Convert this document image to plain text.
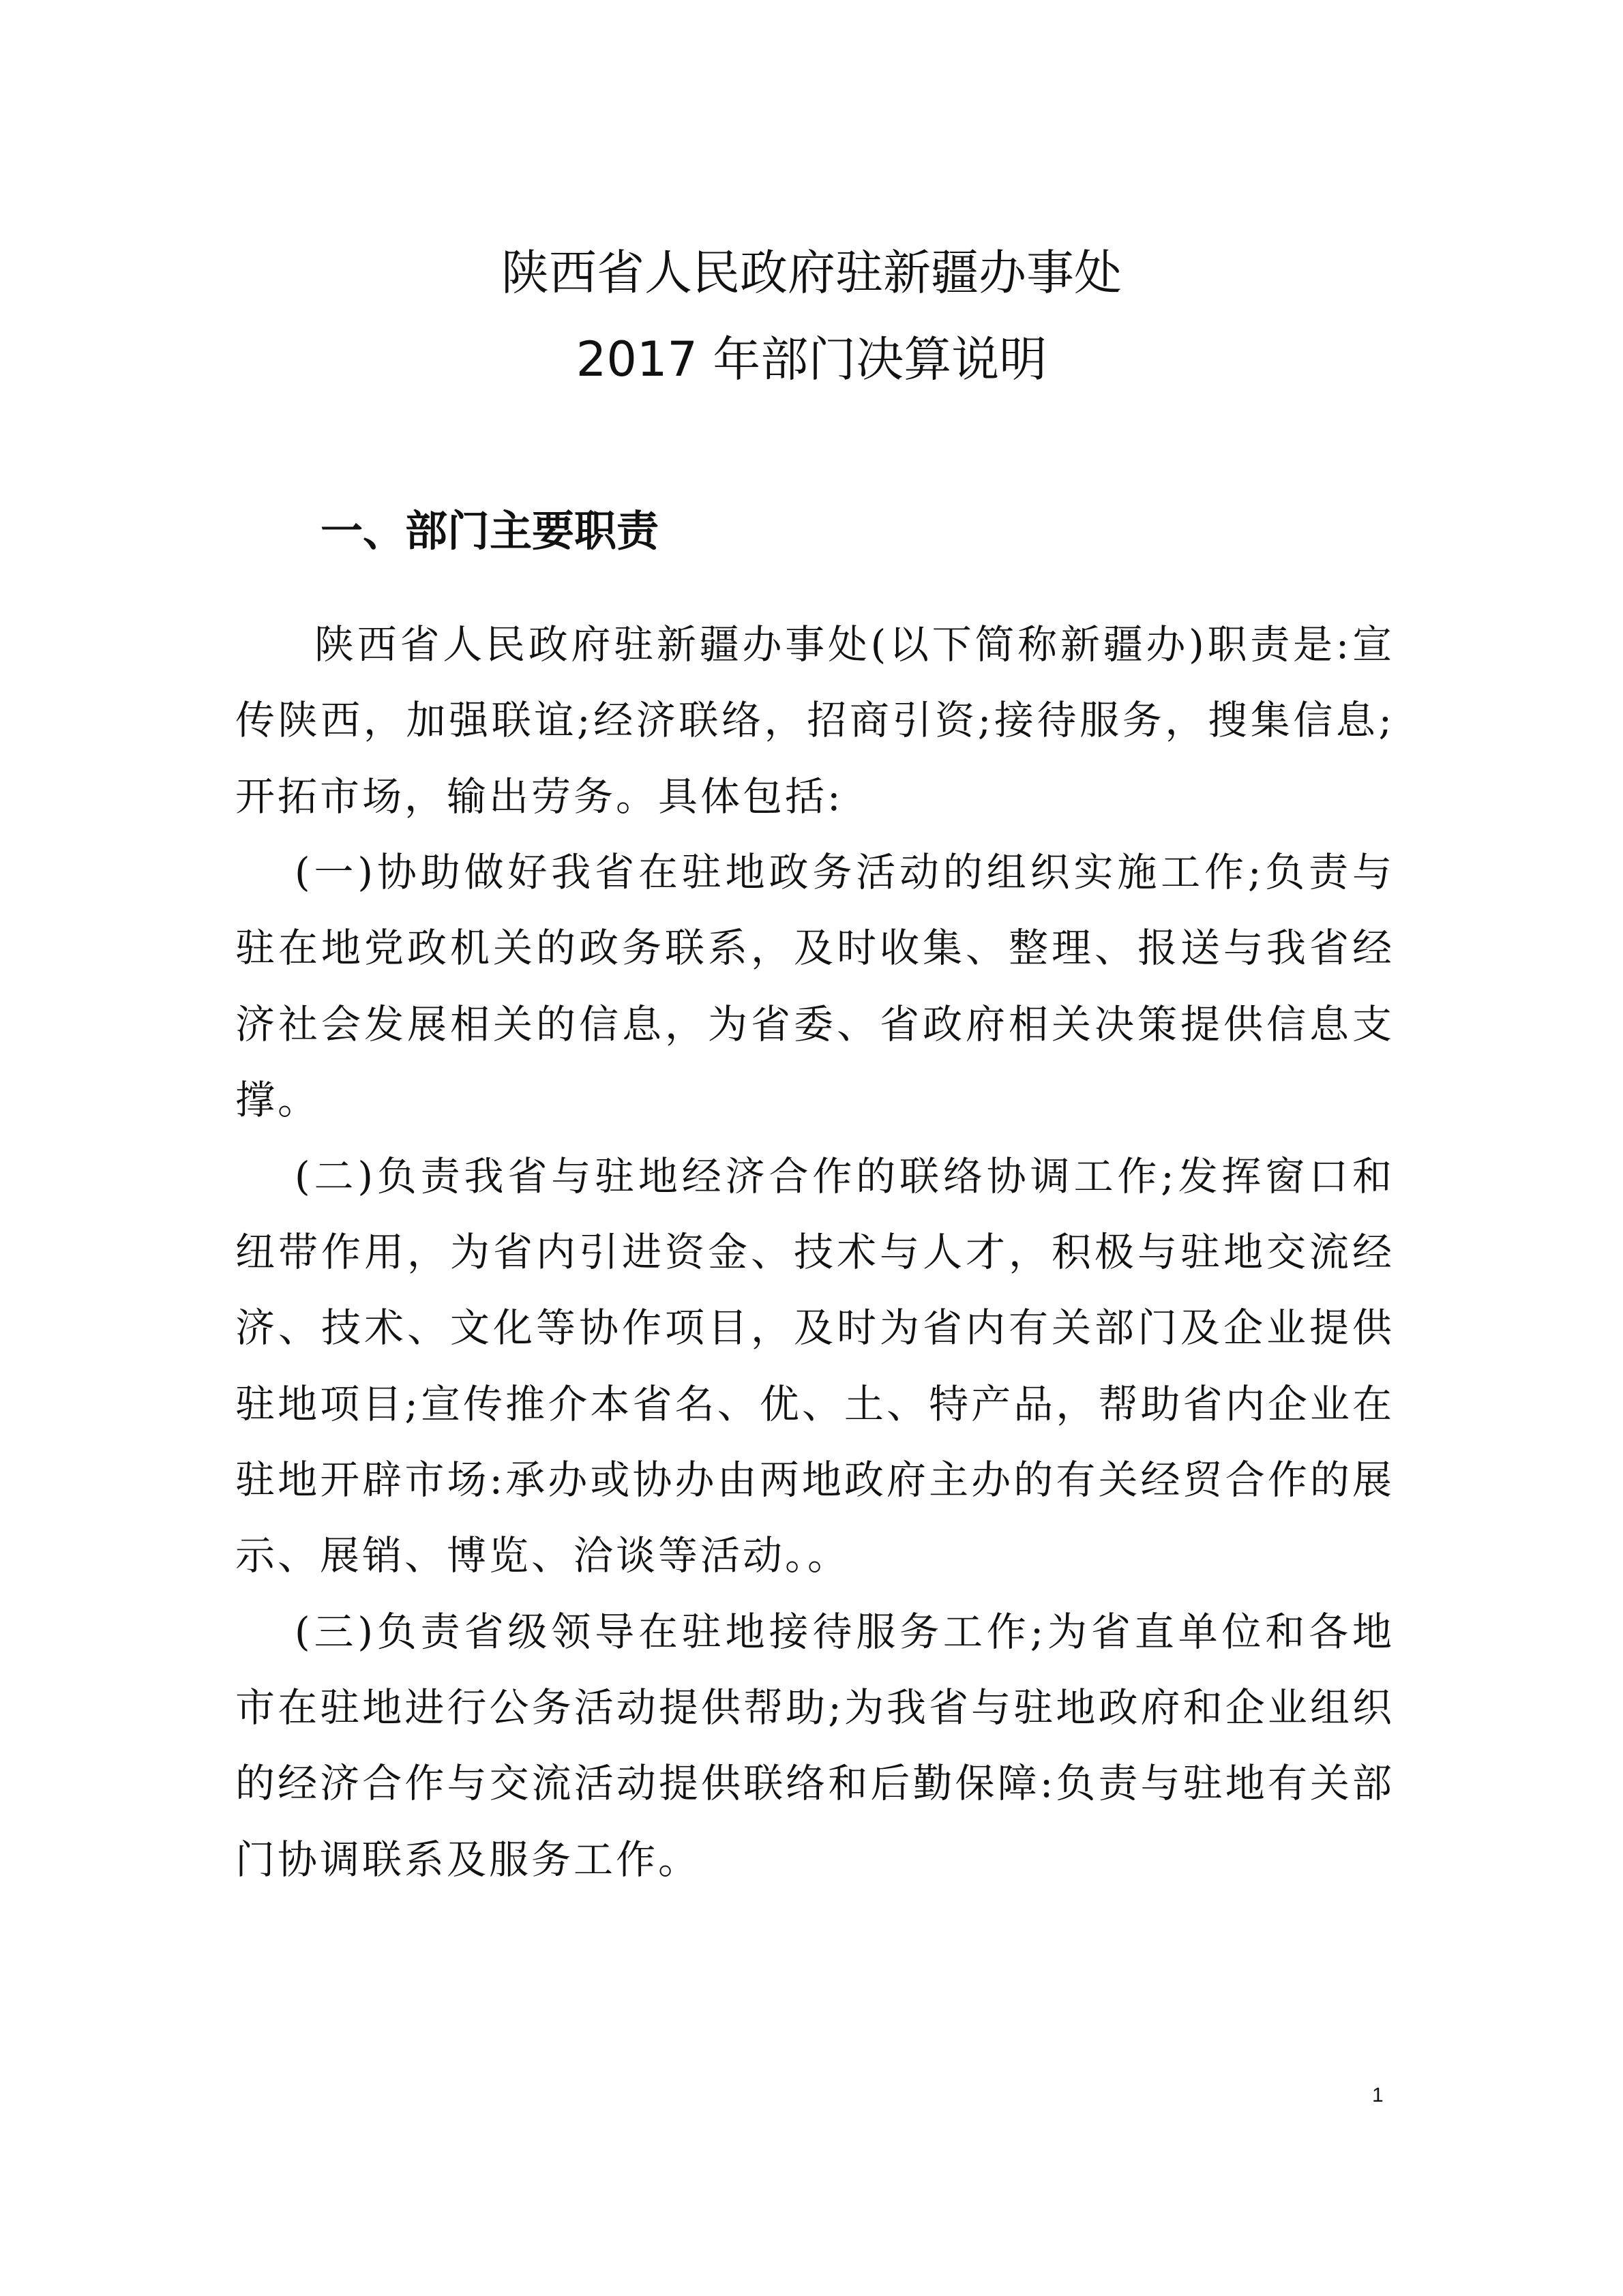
陕西省人民政府驻新疆办事处
2017 年部门决算说明
一、部门主要职责

陕西省人民政府驻新疆办事处(以下简称新疆办)职责是:宣传陕西，加强联谊;经济联络，招商引资;接待服务，搜集信息;开拓市场，输出劳务。具体包括:

(一)协助做好我省在驻地政务活动的组织实施工作;负责与驻在地党政机关的政务联系，及时收集、整理、报送与我省经济社会发展相关的信息，为省委、省政府相关决策提供信息支撑。

(二)负责我省与驻地经济合作的联络协调工作;发挥窗口和纽带作用，为省内引进资金、技术与人才，积极与驻地交流经济、技术、文化等协作项目，及时为省内有关部门及企业提供驻地项目;宣传推介本省名、优、土、特产品，帮助省内企业在驻地开辟市场:承办或协办由两地政府主办的有关经贸合作的展示、展销、博览、洽谈等活动。。

(三)负责省级领导在驻地接待服务工作;为省直单位和各地市在驻地进行公务活动提供帮助;为我省与驻地政府和企业组织的经济合作与交流活动提供联络和后勤保障:负责与驻地有关部门协调联系及服务工作。

1
